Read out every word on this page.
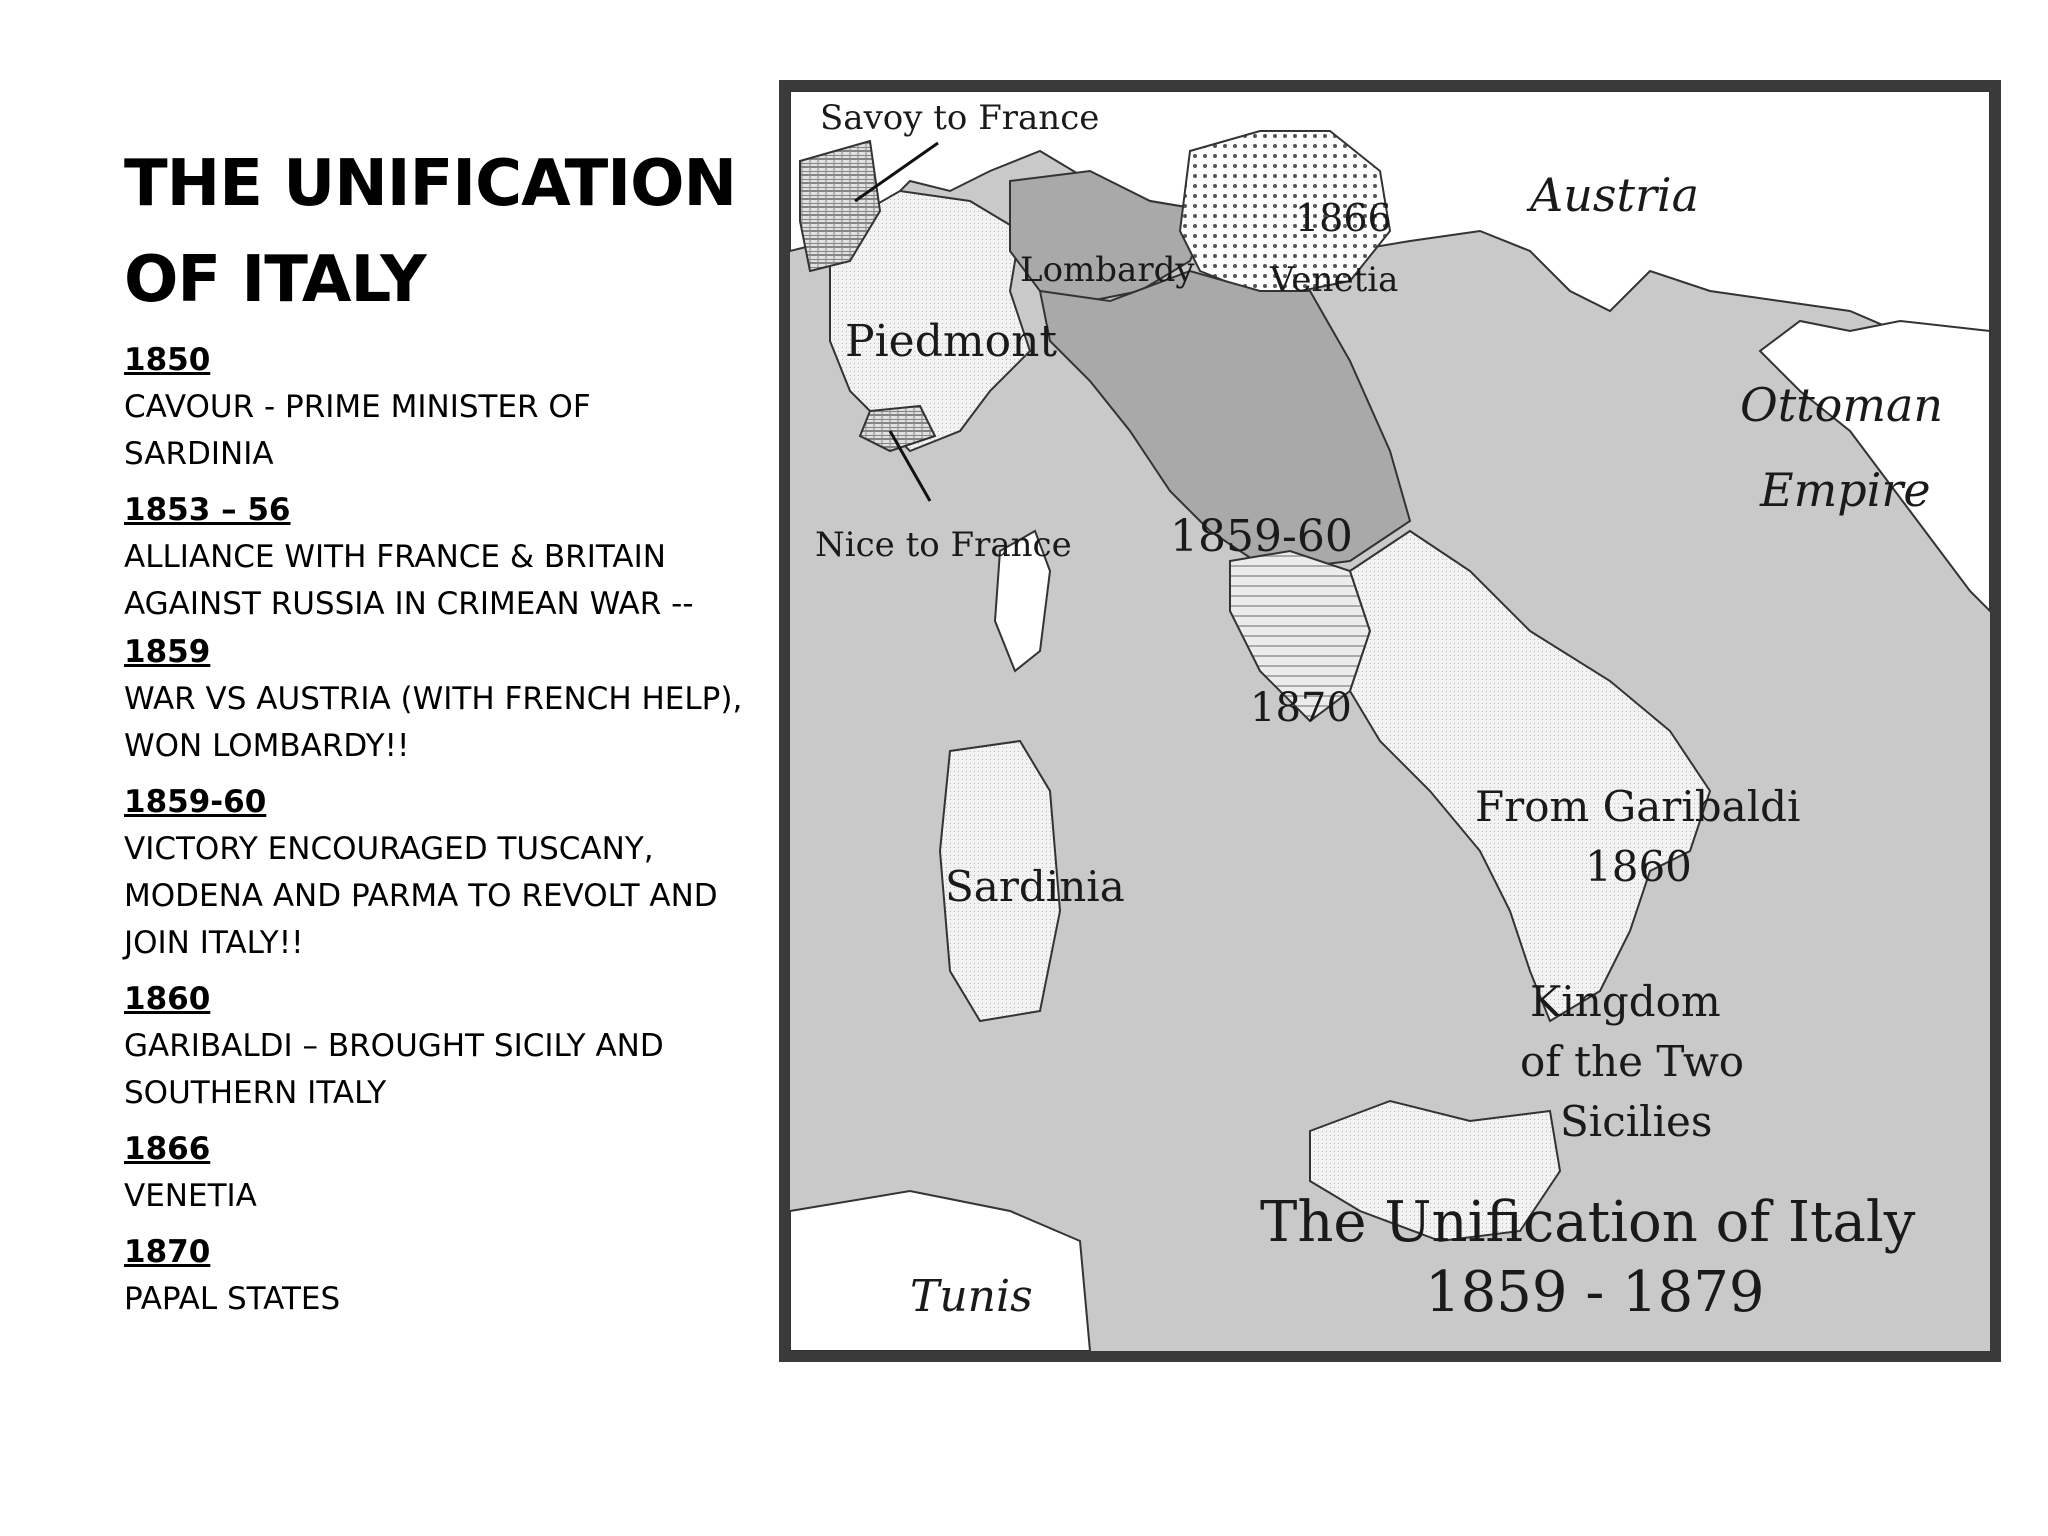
THE UNIFICATION OF ITALY

1850

CAVOUR - PRIME MINISTER OF SARDINIA

1853 – 56

ALLIANCE WITH FRANCE & BRITAIN AGAINST RUSSIA IN CRIMEAN WAR --

1859

WAR VS AUSTRIA (WITH FRENCH HELP), WON LOMBARDY!!

1859-60

VICTORY ENCOURAGED TUSCANY, MODENA AND PARMA TO REVOLT AND JOIN ITALY!!

1860

GARIBALDI – BROUGHT SICILY AND SOUTHERN ITALY

1866

VENETIA

1870

PAPAL STATES

Savoy to France
Austria
1866
Venetia
Lombardy
Piedmont
Ottoman
Empire
Nice to France 1859-60
1870
From Garibaldi
1860
Sardinia
Kingdom
of the Two
Sicilies
Tunis
The Unification of Italy
1859 - 1879
